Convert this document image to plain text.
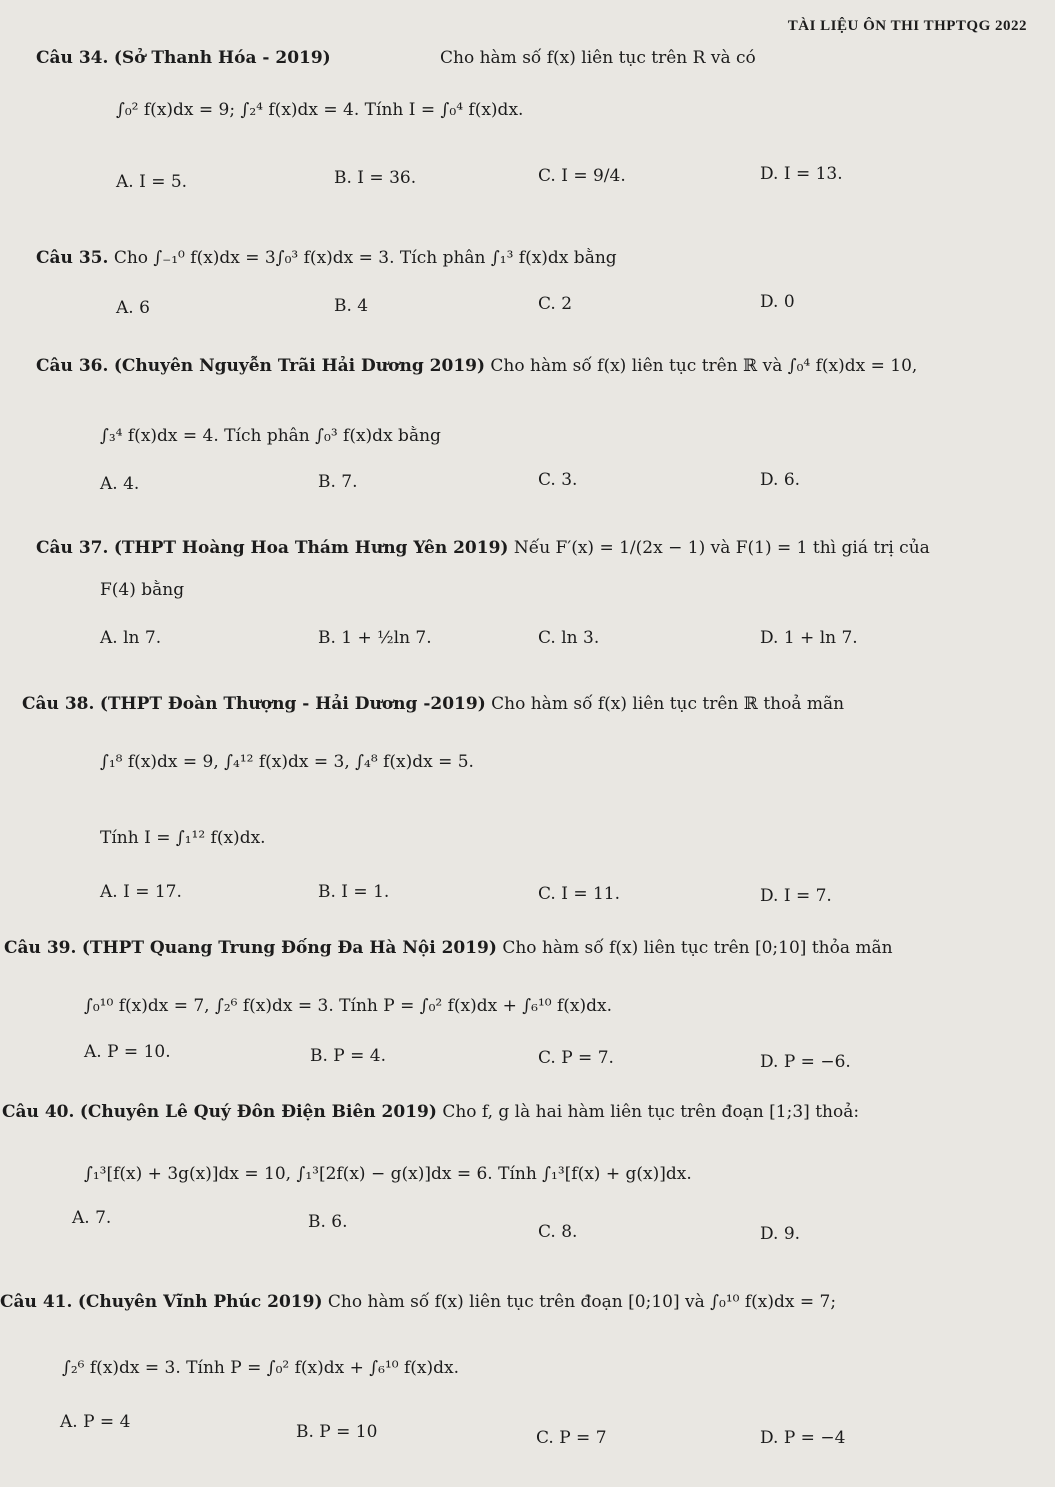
TÀI LIỆU ÔN THI THPTQG 2022
Câu 34. (Sở Thanh Hóa - 2019)	Cho hàm số f(x) liên tục trên R và có
∫₀² f(x)dx = 9; ∫₂⁴ f(x)dx = 4. Tính I = ∫₀⁴ f(x)dx.
A. I = 5.	B. I = 36.	C. I = 9/4.	D. I = 13.
Câu 35. Cho ∫₋₁⁰ f(x)dx = 3∫₀³ f(x)dx = 3. Tích phân ∫₁³ f(x)dx bằng
A. 6	B. 4	C. 2	D. 0
Câu 36. (Chuyên Nguyễn Trãi Hải Dương 2019) Cho hàm số f(x) liên tục trên ℝ và ∫₀⁴ f(x)dx = 10,
∫₃⁴ f(x)dx = 4. Tích phân ∫₀³ f(x)dx bằng
A. 4.	B. 7.	C. 3.	D. 6.
Câu 37. (THPT Hoàng Hoa Thám Hưng Yên 2019) Nếu F′(x) = 1/(2x − 1) và F(1) = 1 thì giá trị của
F(4) bằng
A. ln 7.	B. 1 + ½ln 7.	C. ln 3.	D. 1 + ln 7.
Câu 38. (THPT Đoàn Thượng - Hải Dương -2019) Cho hàm số f(x) liên tục trên ℝ thoả mãn
∫₁⁸ f(x)dx = 9, ∫₄¹² f(x)dx = 3, ∫₄⁸ f(x)dx = 5.
Tính I = ∫₁¹² f(x)dx.
A. I = 17.	B. I = 1.	C. I = 11.	D. I = 7.
Câu 39. (THPT Quang Trung Đống Đa Hà Nội 2019) Cho hàm số f(x) liên tục trên [0;10] thỏa mãn
∫₀¹⁰ f(x)dx = 7, ∫₂⁶ f(x)dx = 3. Tính P = ∫₀² f(x)dx + ∫₆¹⁰ f(x)dx.
A. P = 10.	B. P = 4.	C. P = 7.	D. P = −6.
Câu 40. (Chuyên Lê Quý Đôn Điện Biên 2019) Cho f, g là hai hàm liên tục trên đoạn [1;3] thoả:
∫₁³[f(x) + 3g(x)]dx = 10, ∫₁³[2f(x) − g(x)]dx = 6. Tính ∫₁³[f(x) + g(x)]dx.
A. 7.	B. 6.	C. 8.	D. 9.
Câu 41. (Chuyên Vĩnh Phúc 2019) Cho hàm số f(x) liên tục trên đoạn [0;10] và ∫₀¹⁰ f(x)dx = 7;
∫₂⁶ f(x)dx = 3. Tính P = ∫₀² f(x)dx + ∫₆¹⁰ f(x)dx.
A. P = 4	B. P = 10	C. P = 7	D. P = −4
